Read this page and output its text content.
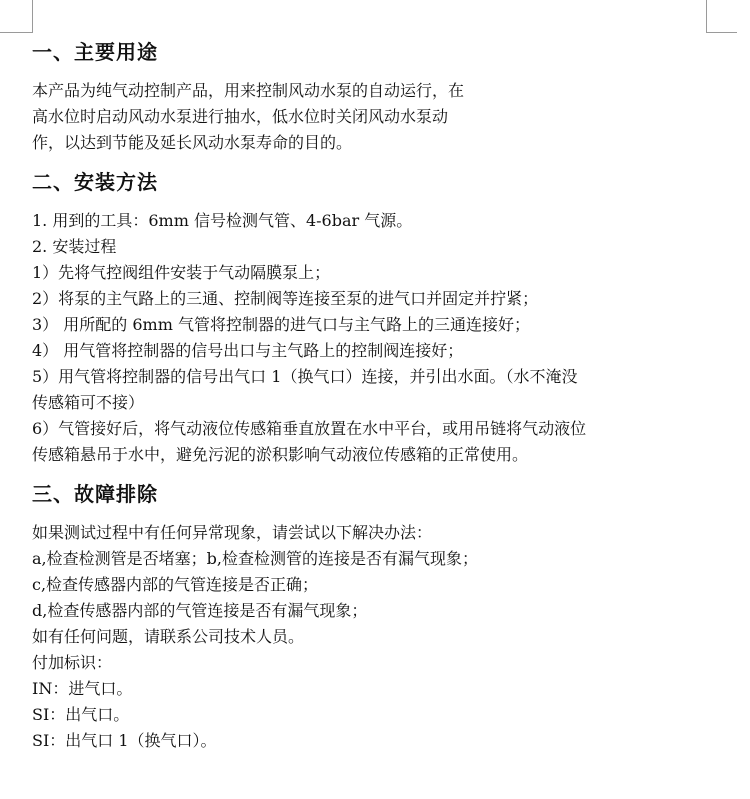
一、主要用途
本产品为纯气动控制产品，用来控制风动水泵的自动运行，在
高水位时启动风动水泵进行抽水，低水位时关闭风动水泵动
作，以达到节能及延长风动水泵寿命的目的。
二、安装方法
1. 用到的工具：6mm 信号检测气管、4-6bar 气源。
2. 安装过程
1）先将气控阀组件安装于气动隔膜泵上；
2）将泵的主气路上的三通、控制阀等连接至泵的进气口并固定并拧紧；
3） 用所配的 6mm 气管将控制器的进气口与主气路上的三通连接好；
4） 用气管将控制器的信号出口与主气路上的控制阀连接好；
5）用气管将控制器的信号出气口 1（换气口）连接，并引出水面。（水不淹没
传感箱可不接）
6）气管接好后，将气动液位传感箱垂直放置在水中平台，或用吊链将气动液位
传感箱悬吊于水中，避免污泥的淤积影响气动液位传感箱的正常使用。
三、故障排除
如果测试过程中有任何异常现象，请尝试以下解决办法：
a,检查检测管是否堵塞；b,检查检测管的连接是否有漏气现象；
c,检查传感器内部的气管连接是否正确；
d,检查传感器内部的气管连接是否有漏气现象；
如有任何问题，请联系公司技术人员。
付加标识：
IN：进气口。
SI：出气口。
SI：出气口 1（换气口）。
